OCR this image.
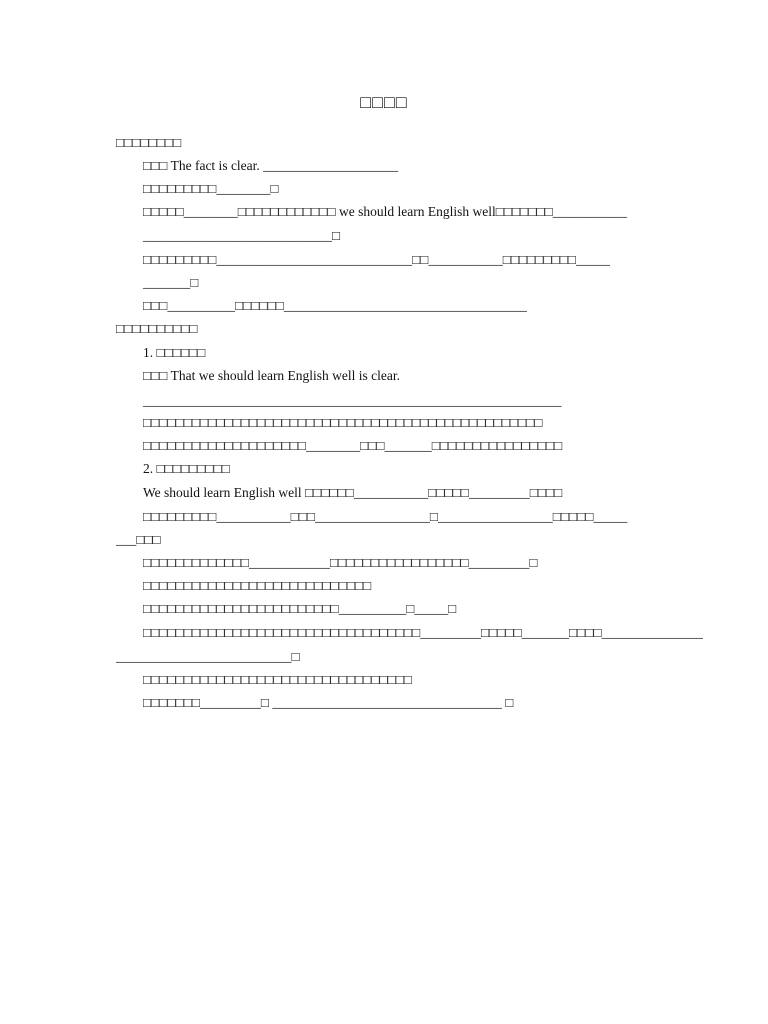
□□□□
□□□□□□□□
□□□ The fact is clear. ____________________
□□□□□□□□□________□
□□□□□________□□□□□□□□□□□□ we should learn English well□□□□□□□___________
____________________________□
□□□□□□□□□_____________________________□□___________□□□□□□□□□_____
_______□
□□□__________□□□□□□____________________________________
□□□□□□□□□□
1. □□□□□□
□□□ That we should learn English well is clear.
______________________________________________________________
□□□□□□□□□□□□□□□□□□□□□□□□□□□□□□□□□□□□□□□□□□□□□□□□□
□□□□□□□□□□□□□□□□□□□□________□□□_______□□□□□□□□□□□□□□□□
2. □□□□□□□□□
We should learn English well □□□□□□___________□□□□□_________□□□□
□□□□□□□□□___________□□□_________________□_________________□□□□□_____
___□□□
□□□□□□□□□□□□□____________□□□□□□□□□□□□□□□□□_________□
□□□□□□□□□□□□□□□□□□□□□□□□□□□□
□□□□□□□□□□□□□□□□□□□□□□□□__________□_____□
□□□□□□□□□□□□□□□□□□□□□□□□□□□□□□□□□□_________□□□□□_______□□□□_______________
__________________________□
□□□□□□□□□□□□□□□□□□□□□□□□□□□□□□□□□
□□□□□□□_________□ __________________________________ □
